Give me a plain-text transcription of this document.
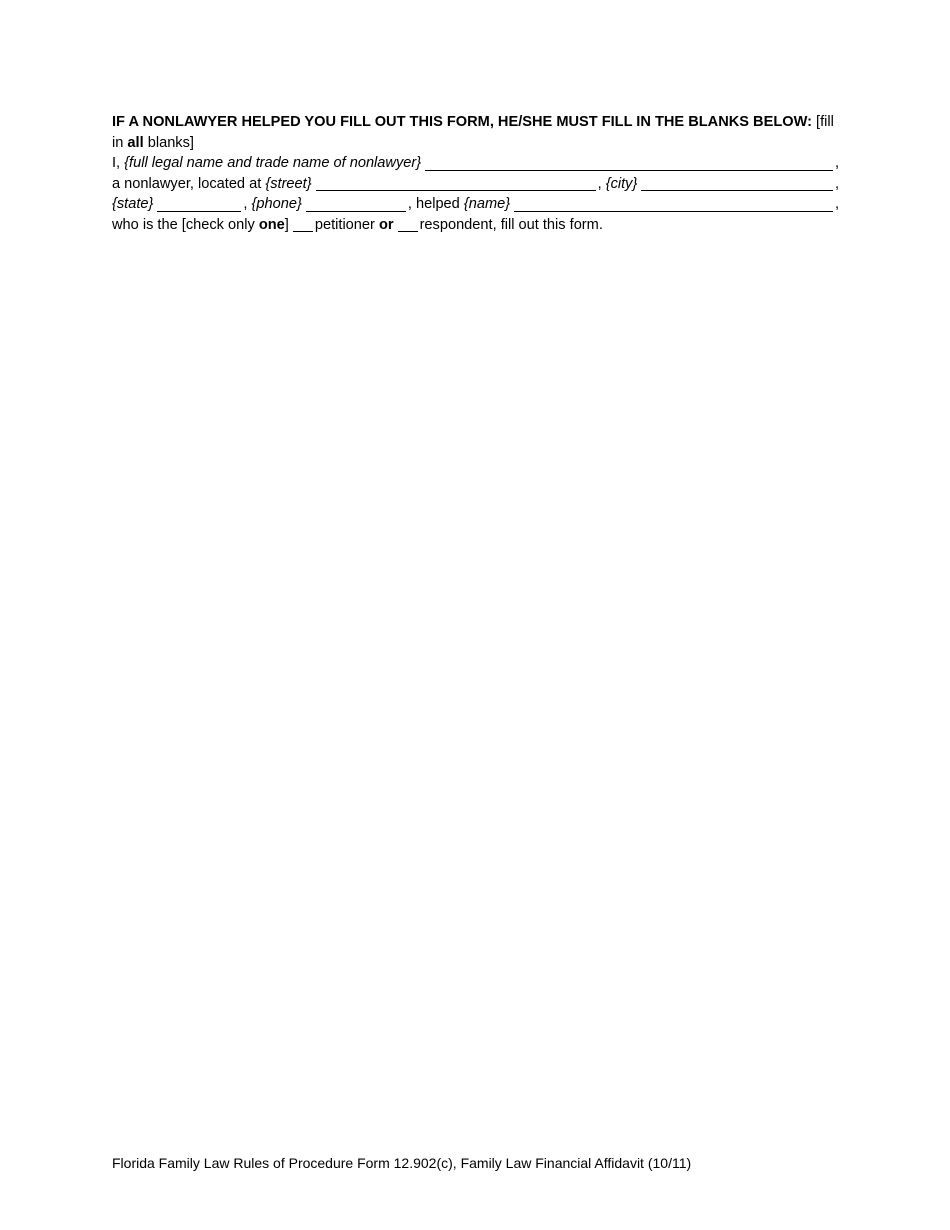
IF A NONLAWYER HELPED YOU FILL OUT THIS FORM, HE/SHE MUST FILL IN THE BLANKS BELOW: [fill in all blanks]
I,
{full legal name and trade name of nonlawyer}	,
a nonlawyer, located at
{street}	,
{city}	,
{state}	,
{phone}	, helped
{name}	,
who is the [check only
one ] petitioner
or respondent, fill out this form.
Florida Family Law Rules of Procedure Form 12.902(c), Family Law Financial Affidavit (10/11)
